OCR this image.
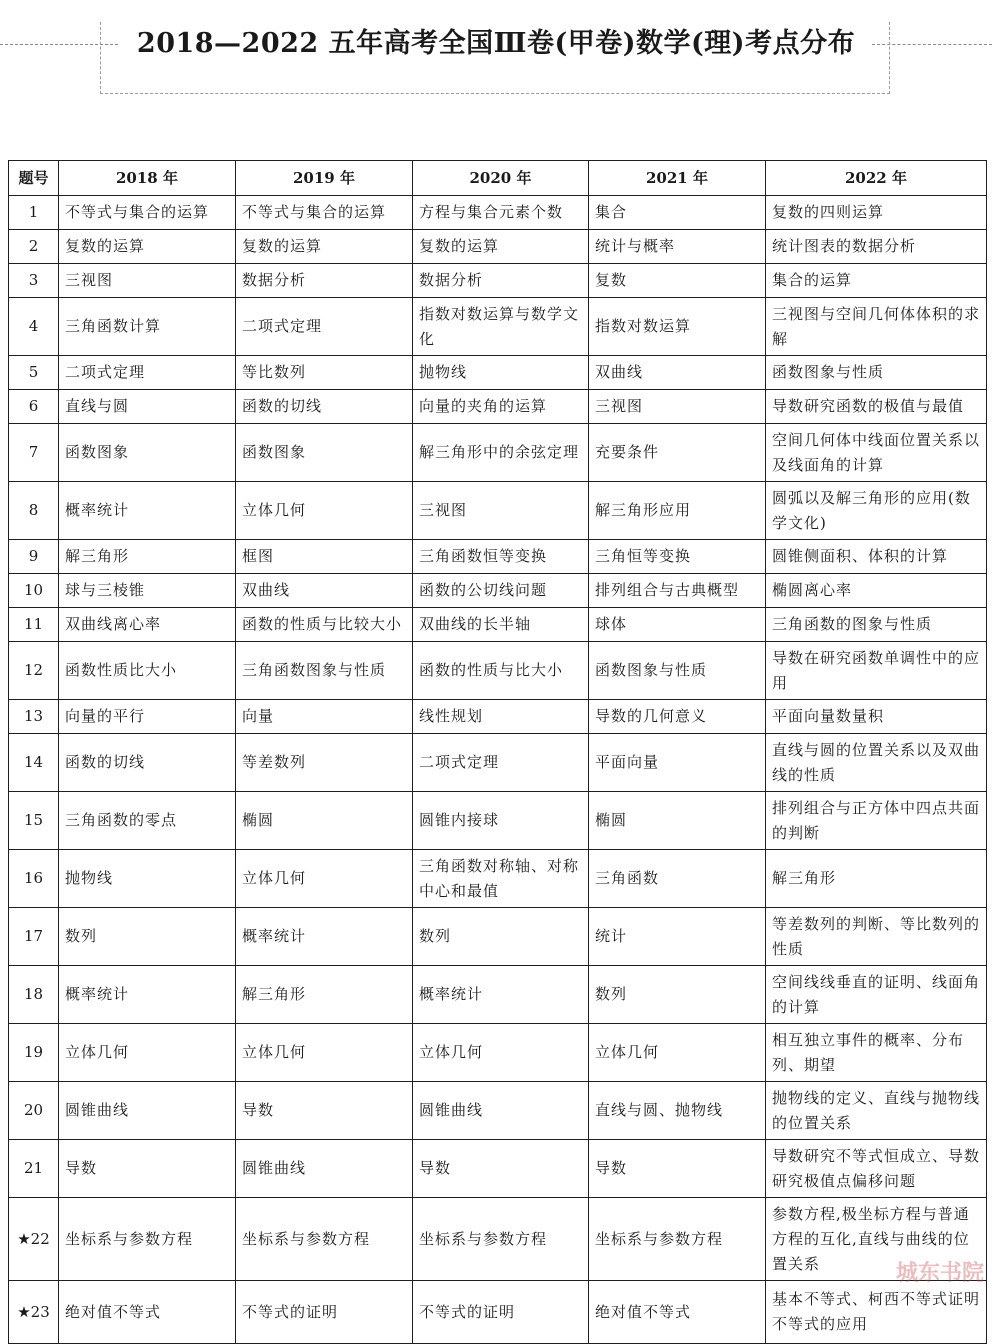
2018—2022 五年高考全国Ⅲ卷(甲卷)数学(理)考点分布
题号	2018 年	2019 年	2020 年	2021 年	2022 年
1	不等式与集合的运算	不等式与集合的运算	方程与集合元素个数	集合	复数的四则运算
2	复数的运算	复数的运算	复数的运算	统计与概率	统计图表的数据分析
3	三视图	数据分析	数据分析	复数	集合的运算
4	三角函数计算	二项式定理	指数对数运算与数学文化	指数对数运算	三视图与空间几何体体积的求解
5	二项式定理	等比数列	抛物线	双曲线	函数图象与性质
6	直线与圆	函数的切线	向量的夹角的运算	三视图	导数研究函数的极值与最值
7	函数图象	函数图象	解三角形中的余弦定理	充要条件	空间几何体中线面位置关系以及线面角的计算
8	概率统计	立体几何	三视图	解三角形应用	圆弧以及解三角形的应用(数学文化)
9	解三角形	框图	三角函数恒等变换	三角恒等变换	圆锥侧面积、体积的计算
10	球与三棱锥	双曲线	函数的公切线问题	排列组合与古典概型	椭圆离心率
11	双曲线离心率	函数的性质与比较大小	双曲线的长半轴	球体	三角函数的图象与性质
12	函数性质比大小	三角函数图象与性质	函数的性质与比大小	函数图象与性质	导数在研究函数单调性中的应用
13	向量的平行	向量	线性规划	导数的几何意义	平面向量数量积
14	函数的切线	等差数列	二项式定理	平面向量	直线与圆的位置关系以及双曲线的性质
15	三角函数的零点	椭圆	圆锥内接球	椭圆	排列组合与正方体中四点共面的判断
16	抛物线	立体几何	三角函数对称轴、对称中心和最值	三角函数	解三角形
17	数列	概率统计	数列	统计	等差数列的判断、等比数列的性质
18	概率统计	解三角形	概率统计	数列	空间线线垂直的证明、线面角的计算
19	立体几何	立体几何	立体几何	立体几何	相互独立事件的概率、分布列、期望
20	圆锥曲线	导数	圆锥曲线	直线与圆、抛物线	抛物线的定义、直线与抛物线的位置关系
21	导数	圆锥曲线	导数	导数	导数研究不等式恒成立、导数研究极值点偏移问题
★22	坐标系与参数方程	坐标系与参数方程	坐标系与参数方程	坐标系与参数方程	参数方程,极坐标方程与普通方程的互化,直线与曲线的位置关系
★23	绝对值不等式	不等式的证明	不等式的证明	绝对值不等式	基本不等式、柯西不等式证明不等式的应用
城东书院
